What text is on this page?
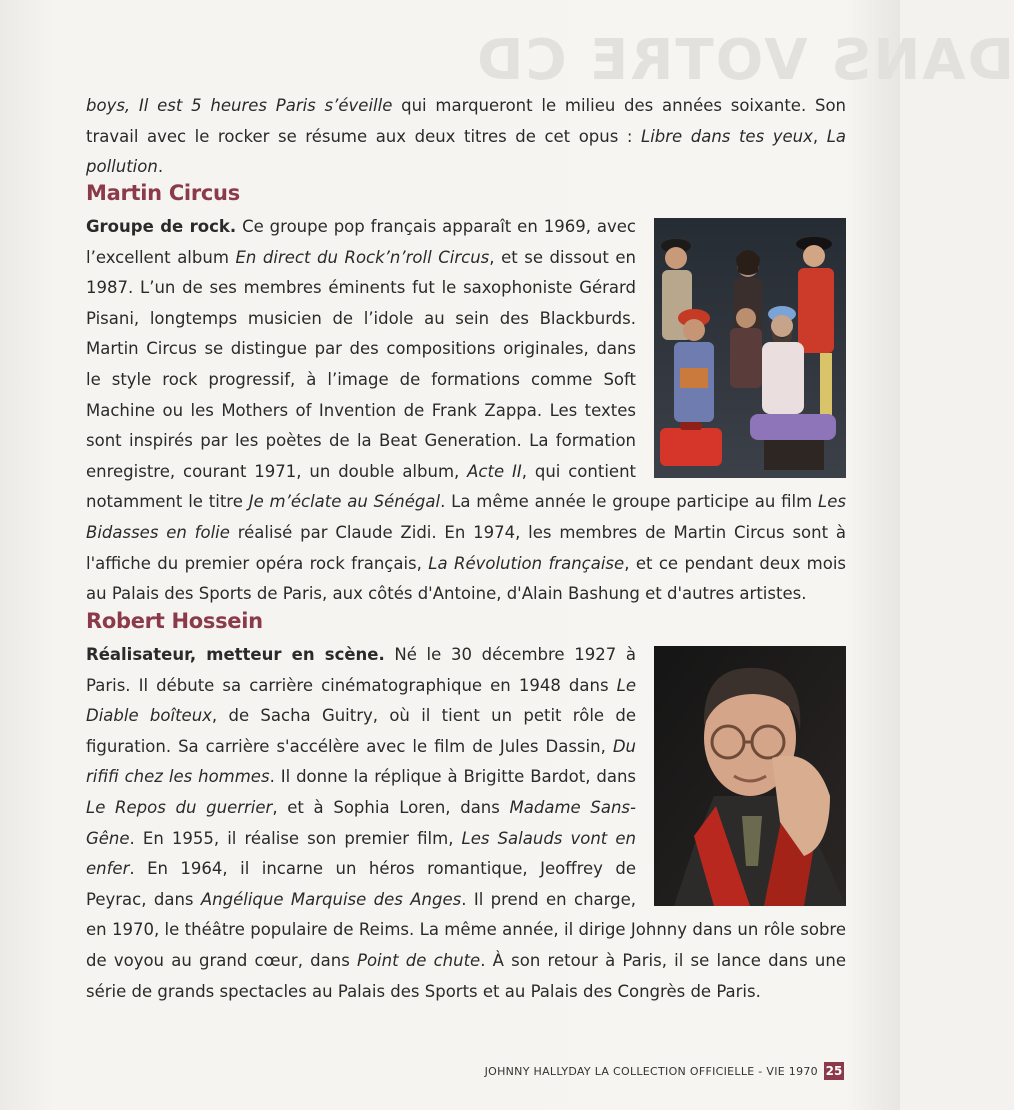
DANS VOTRE CD

boys, Il est 5 heures Paris s’éveille qui marqueront le milieu des années soixante. Son travail avec le rocker se résume aux deux titres de cet opus : Libre dans tes yeux, La pollution.

Martin Circus

Groupe de rock. Ce groupe pop français apparaît en 1969, avec l’excellent album En direct du Rock’n’roll Circus, et se dissout en 1987. L’un de ses membres éminents fut le saxophoniste Gérard Pisani, longtemps musicien de l’idole au sein des Blackburds. Martin Circus se distingue par des compositions originales, dans le style rock progressif, à l’image de formations comme Soft Machine ou les Mothers of Invention de Frank Zappa. Les textes sont inspirés par les poètes de la Beat Generation. La formation enregistre, courant 1971, un double album, Acte II, qui contient notamment le titre Je m’éclate au Sénégal. La même année le groupe participe au film Les Bidasses en folie réalisé par Claude Zidi. En 1974, les membres de Martin Circus sont à l'affiche du premier opéra rock français, La Révolution française, et ce pendant deux mois au Palais des Sports de Paris, aux côtés d'Antoine, d'Alain Bashung et d'autres artistes.

Robert Hossein

Réalisateur, metteur en scène. Né le 30 décembre 1927 à Paris. Il débute sa carrière cinématographique en 1948 dans Le Diable boîteux, de Sacha Guitry, où il tient un petit rôle de figuration. Sa carrière s'accélère avec le film de Jules Dassin, Du rififi chez les hommes. Il donne la réplique à Brigitte Bardot, dans Le Repos du guerrier, et à Sophia Loren, dans Madame Sans-Gêne. En 1955, il réalise son premier film, Les Salauds vont en enfer. En 1964, il incarne un héros romantique, Jeoffrey de Peyrac, dans Angélique Marquise des Anges. Il prend en charge, en 1970, le théâtre populaire de Reims. La même année, il dirige Johnny dans un rôle sobre de voyou au grand cœur, dans Point de chute. À son retour à Paris, il se lance dans une série de grands spectacles au Palais des Sports et au Palais des Congrès de Paris.

JOHNNY HALLYDAY LA COLLECTION OFFICIELLE - VIE 1970 25
